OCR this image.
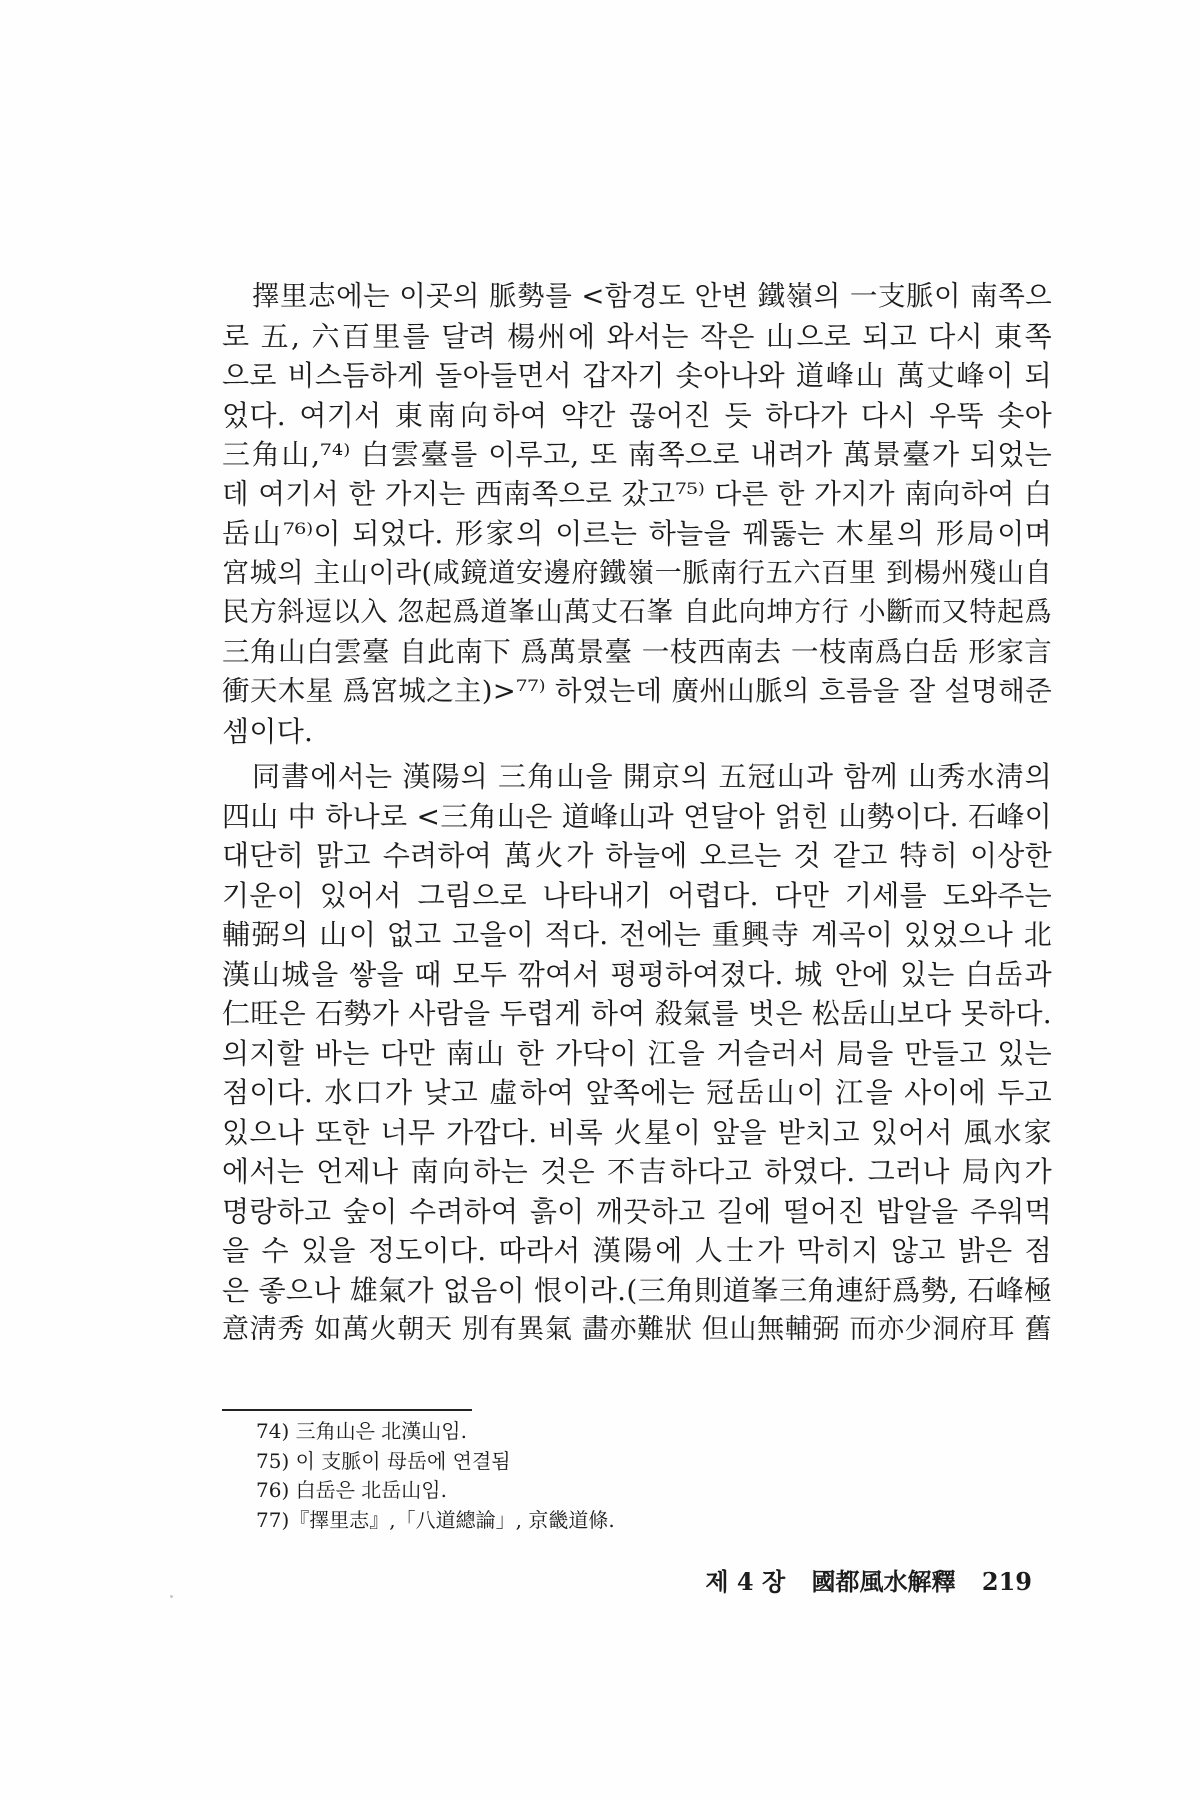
擇里志에는 이곳의 脈勢를 <함경도 안변 鐵嶺의 一支脈이 南쪽으
로 五, 六百里를 달려 楊州에 와서는 작은 山으로 되고 다시 東쪽
으로 비스듬하게 돌아들면서 갑자기 솟아나와 道峰山 萬丈峰이 되
었다. 여기서 東南向하여 약간 끊어진 듯 하다가 다시 우뚝 솟아
三角山,⁷⁴⁾ 白雲臺를 이루고, 또 南쪽으로 내려가 萬景臺가 되었는
데 여기서 한 가지는 西南쪽으로 갔고⁷⁵⁾ 다른 한 가지가 南向하여 白
岳山⁷⁶⁾이 되었다. 形家의 이르는 하늘을 꿰뚫는 木星의 形局이며
宮城의 主山이라(咸鏡道安邊府鐵嶺一脈南行五六百里 到楊州殘山自
民方斜逗以入 忽起爲道峯山萬丈石峯 自此向坤方行 小斷而又特起爲
三角山白雲臺 自此南下 爲萬景臺 一枝西南去 一枝南爲白岳 形家言
衝天木星 爲宮城之主)>⁷⁷⁾ 하였는데 廣州山脈의 흐름을 잘 설명해준
셈이다.
同書에서는 漢陽의 三角山을 開京의 五冠山과 함께 山秀水淸의
四山 中 하나로 <三角山은 道峰山과 연달아 얽힌 山勢이다. 石峰이
대단히 맑고 수려하여 萬火가 하늘에 오르는 것 같고 特히 이상한
기운이 있어서 그림으로 나타내기 어렵다. 다만 기세를 도와주는
輔弼의 山이 없고 고을이 적다. 전에는 重興寺 계곡이 있었으나 北
漢山城을 쌓을 때 모두 깎여서 평평하여졌다. 城 안에 있는 白岳과
仁旺은 石勢가 사람을 두렵게 하여 殺氣를 벗은 松岳山보다 못하다.
의지할 바는 다만 南山 한 가닥이 江을 거슬러서 局을 만들고 있는
점이다. 水口가 낮고 虛하여 앞쪽에는 冠岳山이 江을 사이에 두고
있으나 또한 너무 가깝다. 비록 火星이 앞을 받치고 있어서 風水家
에서는 언제나 南向하는 것은 不吉하다고 하였다. 그러나 局內가
명랑하고 숲이 수려하여 흙이 깨끗하고 길에 떨어진 밥알을 주워먹
을 수 있을 정도이다. 따라서 漢陽에 人士가 막히지 않고 밝은 점
은 좋으나 雄氣가 없음이 恨이라.(三角則道峯三角連紆爲勢, 石峰極
意淸秀 如萬火朝天 別有異氣 畵亦難狀 但山無輔弼 而亦少洞府耳 舊
74) 三角山은 北漢山임.
75) 이 支脈이 母岳에 연결됨
76) 白岳은 北岳山임.
77)『擇里志』,「八道總論」, 京畿道條.
제 4 장 國都風水解釋 219
